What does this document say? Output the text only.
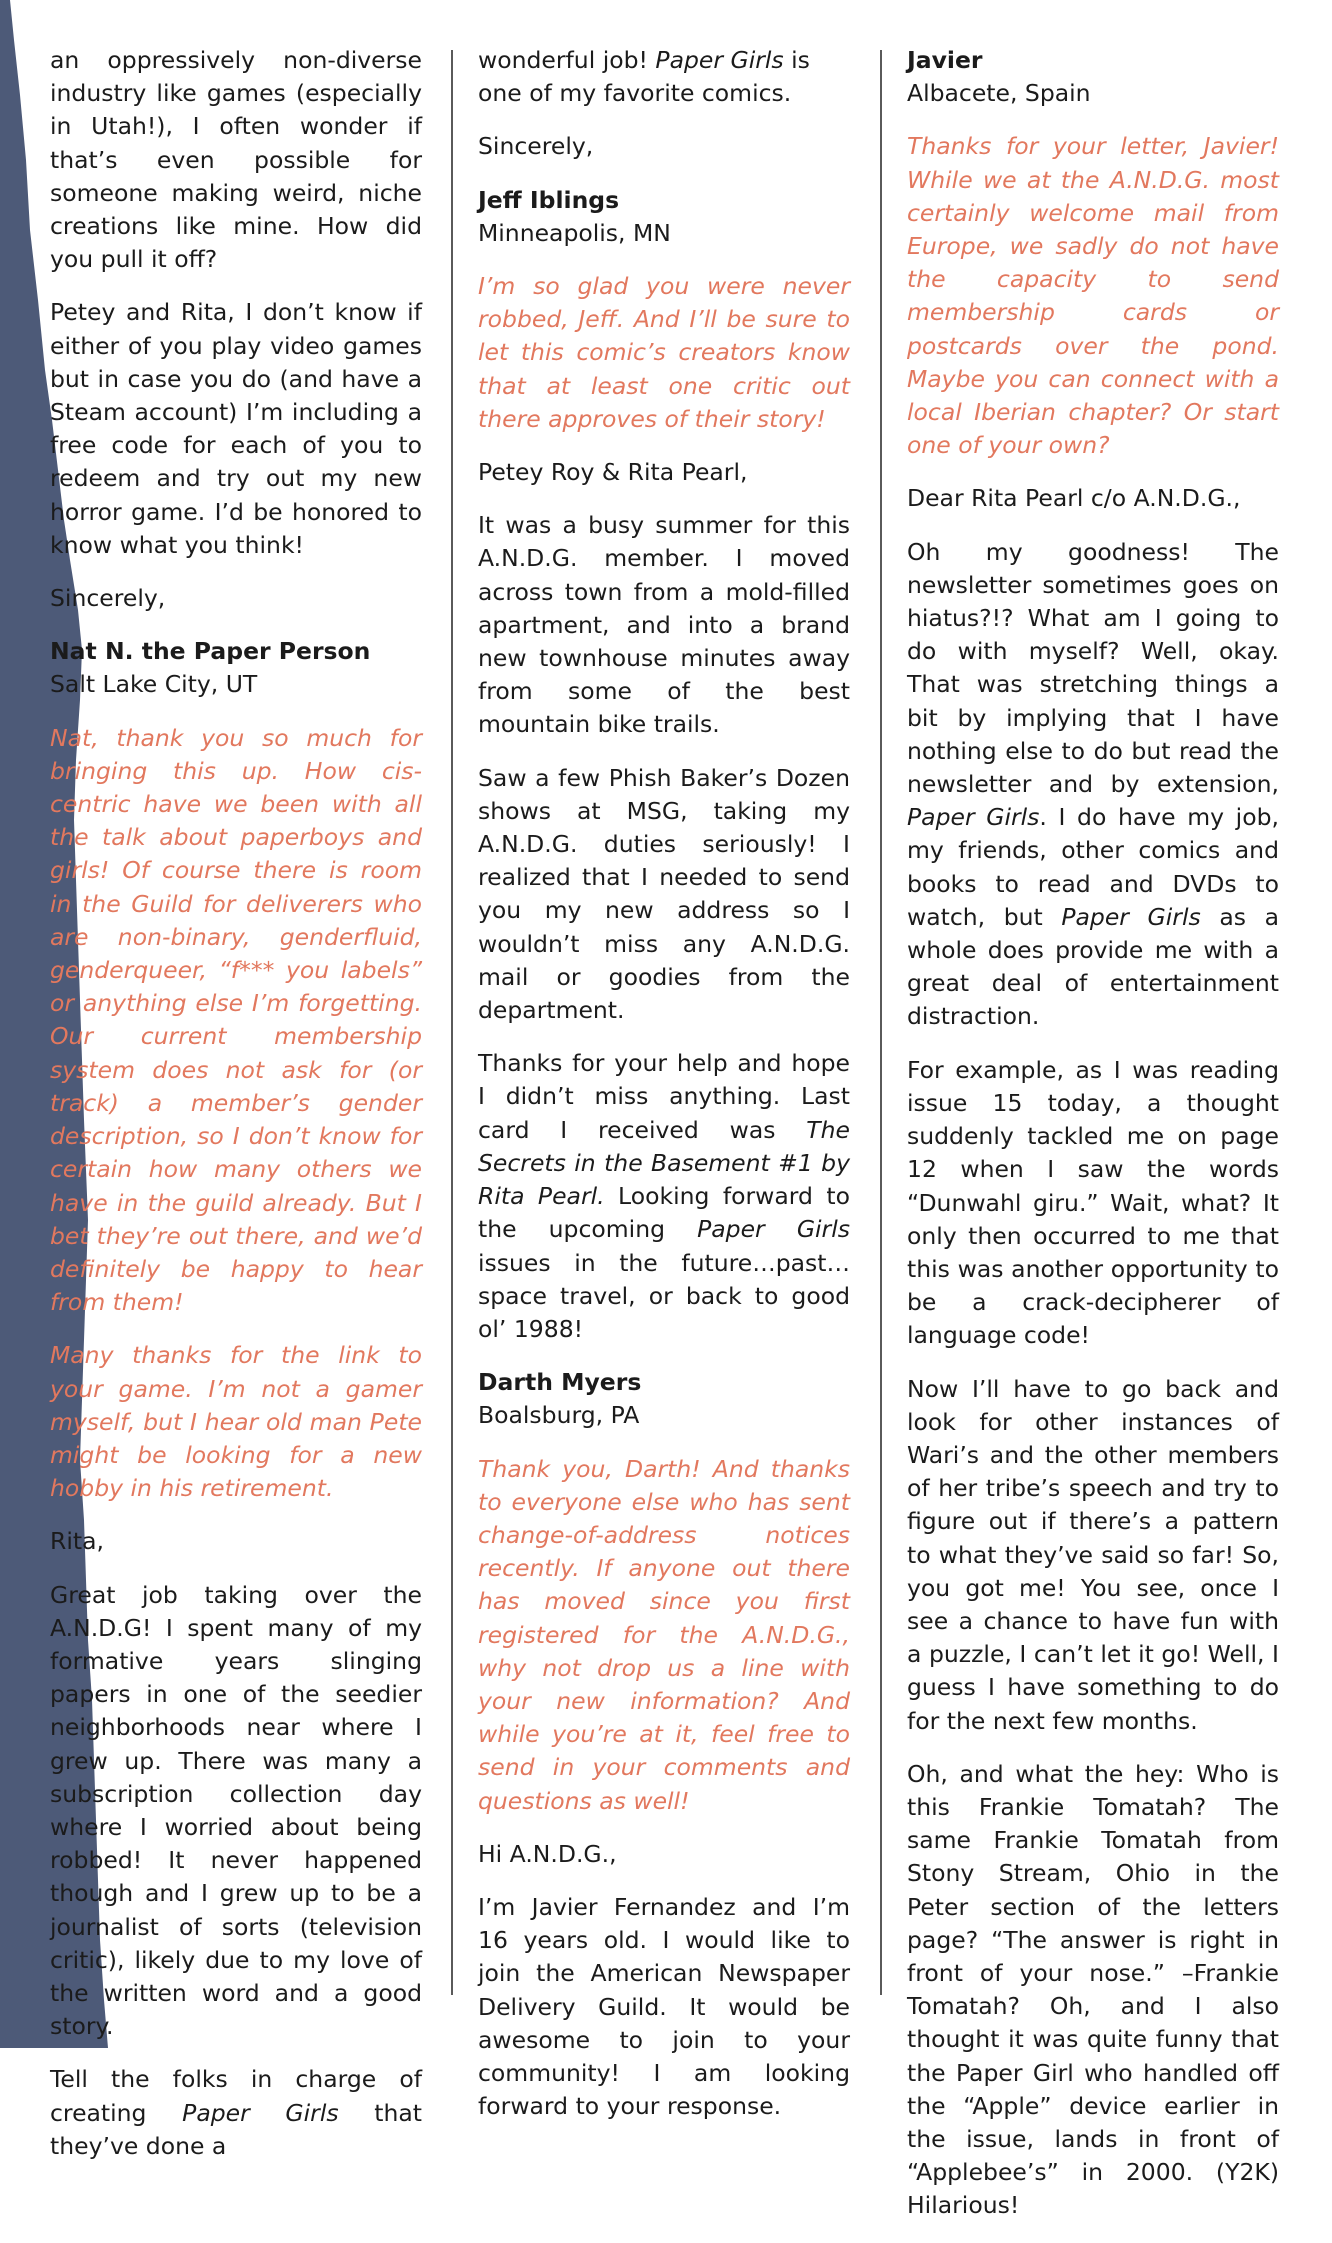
an oppressively non-diverse industry like games (especially in Utah!), I often wonder if that’s even possible for someone making weird, niche creations like mine. How did you pull it off?

Petey and Rita, I don’t know if either of you play video games but in case you do (and have a Steam account) I’m including a free code for each of you to redeem and try out my new horror game. I’d be honored to know what you think!

Sincerely,

Nat N. the Paper Person

Salt Lake City, UT

Nat, thank you so much for bringing this up. How cis-centric have we been with all the talk about paperboys and girls! Of course there is room in the Guild for deliverers who are non-binary, genderfluid, genderqueer, “f*** you labels” or anything else I’m forgetting. Our current membership system does not ask for (or track) a member’s gender description, so I don’t know for certain how many others we have in the guild already. But I bet they’re out there, and we’d definitely be happy to hear from them!

Many thanks for the link to your game. I’m not a gamer myself, but I hear old man Pete might be looking for a new hobby in his retirement.

Rita,

Great job taking over the A.N.D.G! I spent many of my formative years slinging papers in one of the seedier neighborhoods near where I grew up. There was many a subscription collection day where I worried about being robbed! It never happened though and I grew up to be a journalist of sorts (television critic), likely due to my love of the written word and a good story.

Tell the folks in charge of creating Paper Girls that they’ve done a

wonderful job! Paper Girls is one of my favorite comics.

Sincerely,

Jeff Iblings

Minneapolis, MN

I’m so glad you were never robbed, Jeff. And I’ll be sure to let this comic’s creators know that at least one critic out there approves of their story!

Petey Roy & Rita Pearl,

It was a busy summer for this A.N.D.G. member. I moved across town from a mold-filled apartment, and into a brand new townhouse minutes away from some of the best mountain bike trails.

Saw a few Phish Baker’s Dozen shows at MSG, taking my A.N.D.G. duties seriously! I realized that I needed to send you my new address so I wouldn’t miss any A.N.D.G. mail or goodies from the department.

Thanks for your help and hope I didn’t miss anything. Last card I received was The Secrets in the Basement #1 by Rita Pearl. Looking forward to the upcoming Paper Girls issues in the future…past…space travel, or back to good ol’ 1988!

Darth Myers

Boalsburg, PA

Thank you, Darth! And thanks to everyone else who has sent change-of-address notices recently. If anyone out there has moved since you first registered for the A.N.D.G., why not drop us a line with your new information? And while you’re at it, feel free to send in your comments and questions as well!

Hi A.N.D.G.,

I’m Javier Fernandez and I’m 16 years old. I would like to join the American Newspaper Delivery Guild. It would be awesome to join to your community! I am looking forward to your response.

Javier

Albacete, Spain

Thanks for your letter, Javier! While we at the A.N.D.G. most certainly welcome mail from Europe, we sadly do not have the capacity to send membership cards or postcards over the pond. Maybe you can connect with a local Iberian chapter? Or start one of your own?

Dear Rita Pearl c/o A.N.D.G.,

Oh my goodness! The newsletter sometimes goes on hiatus?!? What am I going to do with myself? Well, okay. That was stretching things a bit by implying that I have nothing else to do but read the newsletter and by extension, Paper Girls. I do have my job, my friends, other comics and books to read and DVDs to watch, but Paper Girls as a whole does provide me with a great deal of entertainment distraction.

For example, as I was reading issue 15 today, a thought suddenly tackled me on page 12 when I saw the words “Dunwahl giru.” Wait, what? It only then occurred to me that this was another opportunity to be a crack-decipherer of language code!

Now I’ll have to go back and look for other instances of Wari’s and the other members of her tribe’s speech and try to figure out if there’s a pattern to what they’ve said so far! So, you got me! You see, once I see a chance to have fun with a puzzle, I can’t let it go! Well, I guess I have something to do for the next few months.

Oh, and what the hey: Who is this Frankie Tomatah? The same Frankie Tomatah from Stony Stream, Ohio in the Peter section of the letters page? “The answer is right in front of your nose.” –Frankie Tomatah? Oh, and I also thought it was quite funny that the Paper Girl who handled off the “Apple” device earlier in the issue, lands in front of “Applebee’s” in 2000. (Y2K) Hilarious!
